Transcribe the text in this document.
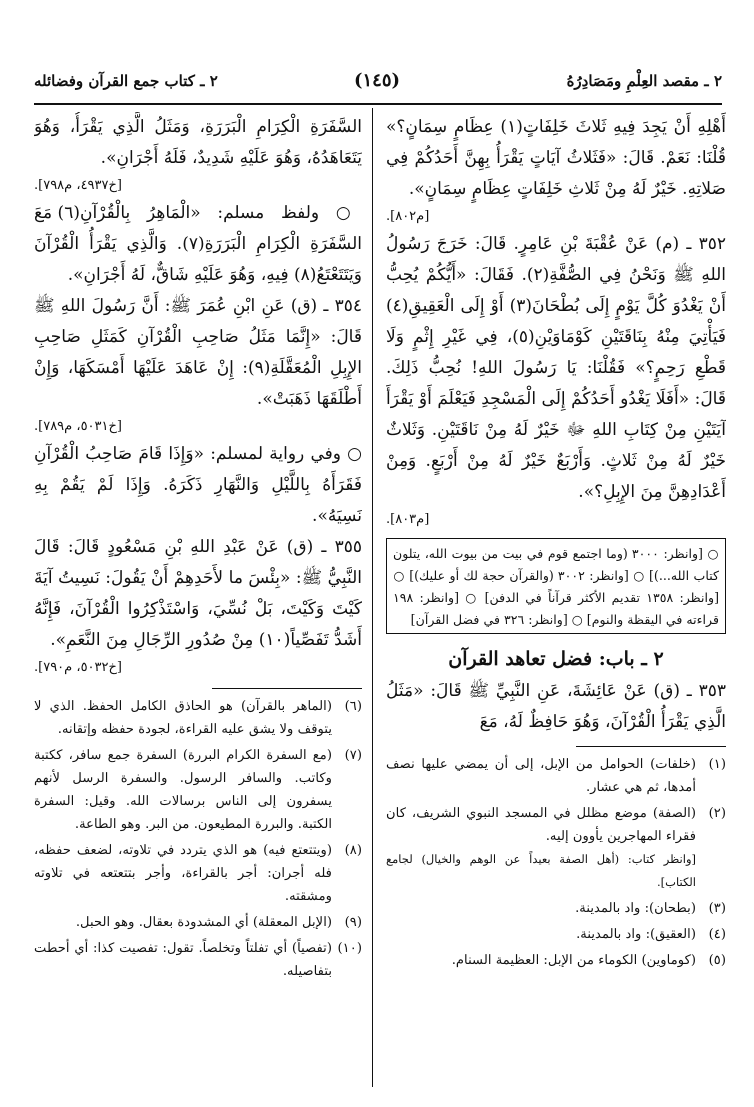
٢ ـ مقصد العِلْمِ ومَصَادِرُهُ
(١٤٥)
٢ ـ كتاب جمع القرآن وفضائله

أَهْلِهِ أَنْ يَجِدَ فِيهِ ثَلاثَ خَلِفَاتٍ(١) عِظَامٍ سِمَانٍ؟» قُلْنَا: نَعَمْ. قَالَ: «فَثَلاثُ آيَاتٍ يَقْرَأُ بِهِنَّ أَحَدُكُمْ فِي صَلاتِهِ. خَيْرٌ لَهُ مِنْ ثَلاثِ خَلِفَاتٍ عِظَامٍ سِمَانٍ».

[م٨٠٢].

٣٥٢ ـ (م) عَنْ عُقْبَةَ بْنِ عَامِرٍ. قَالَ: خَرَجَ رَسُولُ اللهِ ﷺ وَنَحْنُ فِي الصُّفَّةِ(٢). فَقَالَ: «أَيُّكُمْ يُحِبُّ أَنْ يَغْدُوَ كُلَّ يَوْمٍ إِلَى بُطْحَانَ(٣) أَوْ إِلَى الْعَقِيقِ(٤) فَيَأْتِيَ مِنْهُ بِنَاقَتَيْنِ كَوْمَاوَيْنِ(٥)، فِي غَيْرِ إِثْمٍ وَلَا قَطْعِ رَحِمٍ؟» فَقُلْنَا: يَا رَسُولَ اللهِ! نُحِبُّ ذَلِكَ. قَالَ: «أَفَلَا يَغْدُو أَحَدُكُمْ إِلَى الْمَسْجِدِ فَيَعْلَمَ أَوْ يَقْرَأَ آيَتَيْنِ مِنْ كِتَابِ اللهِ ﷻ خَيْرٌ لَهُ مِنْ نَاقَتَيْنِ. وَثَلاثٌ خَيْرٌ لَهُ مِنْ ثَلاثٍ. وَأَرْبَعٌ خَيْرٌ لَهُ مِنْ أَرْبَعٍ. وَمِنْ أَعْدَادِهِنَّ مِنَ الإِبِلِ؟».

[م٨٠٣].

○ [وانظر: ٣٠٠٠ (وما اجتمع قوم في بيت من بيوت الله، يتلون كتاب الله...)] ○ [وانظر: ٣٠٠٢ (والقرآن حجة لك أو عليك)] ○ [وانظر: ١٣٥٨ تقديم الأكثر قرآناً في الدفن] ○ [وانظر: ١٩٨ قراءته في اليقظة والنوم] ○ [وانظر: ٣٢٦ في فضل القرآن]

٢ ـ باب: فضل تعاهد القرآن

٣٥٣ ـ (ق) عَنْ عَائِشَةَ، عَنِ النَّبِيِّ ﷺ قَالَ: «مَثَلُ الَّذِي يَقْرَأُ الْقُرْآنَ، وَهُوَ حَافِظٌ لَهُ، مَعَ

(١)
(خلفات) الحوامل من الإبل، إلى أن يمضي عليها نصف أمدها، ثم هي عشار.

(٢)
(الصفة) موضع مظلل في المسجد النبوي الشريف، كان فقراء المهاجرين يأوون إليه.
[وانظر كتاب: (أهل الصفة بعيداً عن الوهم والخيال) لجامع الكتاب].

(٣)
(بطحان): واد بالمدينة.

(٤)
(العقيق): واد بالمدينة.

(٥)
(كوماوين) الكوماء من الإبل: العظيمة السنام.

السَّفَرَةِ الْكِرَامِ الْبَرَرَةِ، وَمَثَلُ الَّذِي يَقْرَأُ، وَهُوَ يَتَعَاهَدُهُ، وَهُوَ عَلَيْهِ شَدِيدٌ، فَلَهُ أَجْرَانِ».

[خ٤٩٣٧، م٧٩٨].

○ ولفظ مسلم: «الْمَاهِرُ بِالْقُرْآنِ(٦) مَعَ السَّفَرَةِ الْكِرَامِ الْبَرَرَةِ(٧). وَالَّذِي يَقْرَأُ الْقُرْآنَ وَيَتَتَعْتَعُ(٨) فِيهِ، وَهُوَ عَلَيْهِ شَاقٌّ، لَهُ أَجْرَانِ».

٣٥٤ ـ (ق) عَنِ ابْنِ عُمَرَ ﷺ: أَنَّ رَسُولَ اللهِ ﷺ قَالَ: «إِنَّمَا مَثَلُ صَاحِبِ الْقُرْآنِ كَمَثَلِ صَاحِبِ الإِبِلِ الْمُعَقَّلَةِ(٩): إِنْ عَاهَدَ عَلَيْهَا أَمْسَكَهَا، وَإِنْ أَطْلَقَهَا ذَهَبَتْ».

[خ٥٠٣١، م٧٨٩].

○ وفي رواية لمسلم: «وَإِذَا قَامَ صَاحِبُ الْقُرْآنِ فَقَرَأَهُ بِاللَّيْلِ وَالنَّهَارِ ذَكَرَهُ. وَإِذَا لَمْ يَقُمْ بِهِ نَسِيَهُ».

٣٥٥ ـ (ق) عَنْ عَبْدِ اللهِ بْنِ مَسْعُودٍ قَالَ: قَالَ النَّبِيُّ ﷺ: «بِئْسَ ما لأَحَدِهِمْ أَنْ يَقُولَ: نَسِيتُ آيَةَ كَيْتَ وَكَيْتَ، بَلْ نُسِّيَ، وَاسْتَذْكِرُوا الْقُرْآنَ، فَإِنَّهُ أَشَدُّ تَفَصِّياً(١٠) مِنْ صُدُورِ الرِّجَالِ مِنَ النَّعَمِ».

[خ٥٠٣٢، م٧٩٠].

(٦)
(الماهر بالقرآن) هو الحاذق الكامل الحفظ. الذي لا يتوقف ولا يشق عليه القراءة، لجودة حفظه وإتقانه.

(٧)
(مع السفرة الكرام البررة) السفرة جمع سافر، ككتبة وكاتب. والسافر الرسول. والسفرة الرسل لأنهم يسفرون إلى الناس برسالات الله. وقيل: السفرة الكتبة. والبررة المطيعون. من البر. وهو الطاعة.

(٨)
(ويتتعتع فيه) هو الذي يتردد في تلاوته، لضعف حفظه، فله أجران: أجر بالقراءة، وأجر بتتعتعه في تلاوته ومشقته.

(٩)
(الإبل المعقلة) أي المشدودة بعقال. وهو الحبل.

(١٠)
(تفصياً) أي تفلتاً وتخلصاً. تقول: تفصيت كذا: أي أحطت بتفاصيله.
